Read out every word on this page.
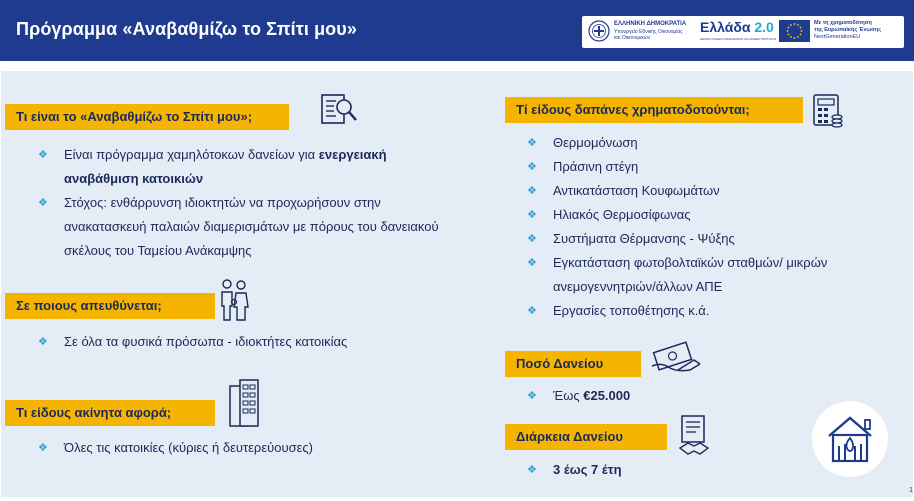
Πρόγραμμα «Αναβαθμίζω το Σπίτι μου»	ΕΛΛΗΝΙΚΗ ΔΗΜΟΚΡΑΤΙΑ
Υπουργείο Εθνικής Οικονομίας και Οικονομικών
Ελλάδα 2.0
ΕΘΝΙΚΟ ΣΧΕΔΙΟ ΑΝΑΚΑΜΨΗΣ ΚΑΙ ΑΝΘΕΚΤΙΚΟΤΗΤΑΣ
Με τη χρηματοδότηση
της Ευρωπαϊκής Ένωσης
NextGenerationEU
Τι είναι το «Αναβαθμίζω το Σπίτι μου»;
❖ Είναι πρόγραμμα χαμηλότοκων δανείων για ενεργειακή αναβάθμιση κατοικιών
❖ Στόχος: ενθάρρυνση ιδιοκτητών να προχωρήσουν στην ανακατασκευή παλαιών διαμερισμάτων με πόρους του δανειακού σκέλους του Ταμείου Ανάκαμψης
Σε ποιους απευθύνεται;
❖ Σε όλα τα φυσικά πρόσωπα - ιδιοκτήτες κατοικίας
Τι είδους ακίνητα αφορά;
❖ Όλες τις κατοικίες (κύριες ή δευτερεύουσες)
Τί είδους δαπάνες χρηματοδοτούνται;
❖ Θερμομόνωση
❖ Πράσινη στέγη
❖ Αντικατάσταση Κουφωμάτων
❖ Ηλιακός Θερμοσίφωνας
❖ Συστήματα Θέρμανσης - Ψύξης
❖ Εγκατάσταση φωτοβολταϊκών σταθμών/ μικρών ανεμογεννητριών/άλλων ΑΠΕ
❖ Εργασίες τοποθέτησης κ.ά.
Ποσό Δανείου
❖ Έως €25.000
Διάρκεια Δανείου
❖ 3 έως 7 έτη
1
